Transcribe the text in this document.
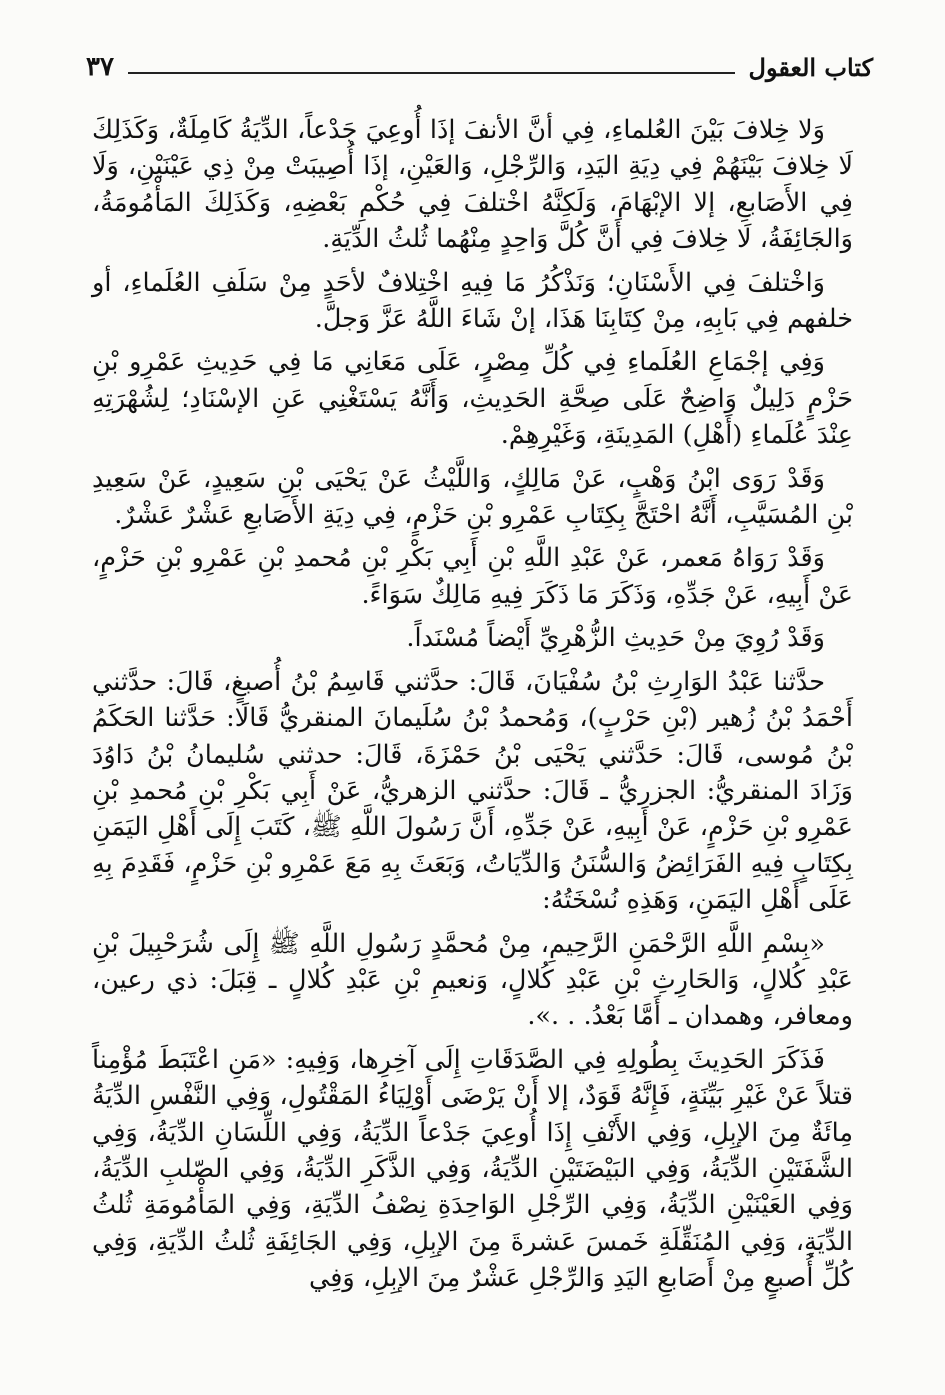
كتاب العقول
٣٧

وَلا خِلافَ بَيْنَ العُلماءِ، فِي أنَّ الأنفَ إذَا أُوعِيَ جَدْعاً، الدِّيَةُ كَامِلَةٌ، وَكَذَلِكَ لَا خِلافَ بَيْنَهُمْ فِي دِيَةِ اليَدِ، وَالرِّجْلِ، وَالعَيْنِ، إذَا أُصِيبَتْ مِنْ ذِي عَيْنَيْنِ، وَلَا فِي الأَصَابعِ، إلا الإبْهَامَ، وَلَكِنَّهُ اخْتلفَ فِي حُكْمِ بَعْضِهِ، وَكَذَلِكَ المَأْمُومَةُ، وَالجَائِفَةُ، لَا خِلافَ فِي أَنَّ كُلَّ وَاحِدٍ مِنْهُما ثُلثُ الدِّيَةِ.

وَاخْتلفَ فِي الأَسْنَانِ؛ وَنَذْكُرُ مَا فِيهِ اخْتِلافٌ لأحَدٍ مِنْ سَلَفِ العُلَماءِ، أو خلفهم فِي بَابِهِ، مِنْ كِتَابِنَا هَذَا، إنْ شَاءَ اللَّهُ عَزَّ وَجلَّ.

وَفِي إجْمَاعِ العُلَماءِ فِي كُلِّ مِصْرٍ، عَلَى مَعَانِي مَا فِي حَدِيثِ عَمْرِو بْنِ حَزْمٍ دَلِيلٌ وَاضِحٌ عَلَى صِحَّةِ الحَدِيثِ، وَأَنَّهُ يَسْتَغْنِي عَنِ الإسْنَادِ؛ لِشُهْرَتِهِ عِنْدَ عُلَماءِ (أَهْلِ) المَدِينَةِ، وَغَيْرِهِمْ.

وَقَدْ رَوَى ابْنُ وَهْبٍ، عَنْ مَالِكٍ، وَاللَّيْثُ عَنْ يَحْيَى بْنِ سَعِيدٍ، عَنْ سَعِيدِ بْنِ المُسَيَّبِ، أَنَّهُ احْتَجَّ بِكِتَابِ عَمْرِو بْنِ حَزْمٍ، فِي دِيَةِ الأَصَابعِ عَشْرٌ عَشْرٌ.

وَقَدْ رَوَاهُ مَعمر، عَنْ عَبْدِ اللَّهِ بْنِ أَبِي بَكْرِ بْنِ مُحمدِ بْنِ عَمْرِو بْنِ حَزْمٍ، عَنْ أَبِيهِ، عَنْ جَدِّهِ، وَذَكَرَ مَا ذَكَرَ فِيهِ مَالِكٌ سَوَاءً.

وَقَدْ رُوِيَ مِنْ حَدِيثِ الزُّهْرِيِّ أَيْضاً مُسْنَداً.

حدَّثنا عَبْدُ الوَارِثِ بْنُ سُفْيَانَ، قَالَ: حدَّثني قَاسِمُ بْنُ أُصبغٍ، قَالَ: حدَّثني أَحْمَدُ بْنُ زُهير (بْنِ حَرْبٍ)، وَمُحمدُ بْنُ سُلَيمانَ المنقريُّ قَالَا: حَدَّثنا الحَكَمُ بْنُ مُوسى، قَالَ: حَدَّثني يَحْيَى بْنُ حَمْزَةَ، قَالَ: حدثني سُليمانُ بْنُ دَاوُدَ وَزَادَ المنقريُّ: الجزريُّ ـ قَالَ: حدَّثني الزهريُّ، عَنْ أَبِي بَكْرِ بْنِ مُحمدِ بْنِ عَمْرِو بْنِ حَزْمٍ، عَنْ أَبِيهِ، عَنْ جَدِّهِ، أَنَّ رَسُولَ اللَّهِ ﷺ، كَتَبَ إِلَى أَهْلِ اليَمَنِ بِكِتَابٍ فِيهِ الفَرَائِضُ وَالسُّنَنُ وَالدِّيَاتُ، وَبَعَثَ بِهِ مَعَ عَمْرِو بْنِ حَزْمٍ، فَقَدِمَ بِهِ عَلَى أَهْلِ اليَمَنِ، وَهَذِهِ نُسْخَتُهُ:

«بِسْمِ اللَّهِ الرَّحْمَنِ الرَّحِيمِ، مِنْ مُحمَّدٍ رَسُولِ اللَّهِ ﷺ إِلَى شُرَحْبِيلَ بْنِ عَبْدِ كُلالٍ، وَالحَارِثِ بْنِ عَبْدِ كُلالٍ، وَنعيمِ بْنِ عَبْدِ كُلالٍ ـ قِبَلَ: ذي رعين، ومعافر، وهمدان ـ أَمَّا بَعْدُ. . .».

فَذَكَرَ الحَدِيثَ بِطُولِهِ فِي الصَّدَقَاتِ إِلَى آخِرِها، وَفِيهِ: «مَنِ اعْتَبَطَ مُؤْمِناً قتلاً عَنْ غَيْرِ بَيِّنَةٍ، فَإِنَّهُ قَوَدٌ، إلا أَنْ يَرْضَى أَوْلِيَاءُ المَقْتُولِ، وَفِي النَّفْسِ الدِّيَةُ مِائَةٌ مِنَ الإبِلِ، وَفِي الأَنْفِ إِذَا أُوعِيَ جَدْعاً الدِّيَةُ، وَفِي اللِّسَانِ الدِّيَةُ، وَفِي الشَّفَتَيْنِ الدِّيَةُ، وَفِي البَيْضَتَيْنِ الدِّيَةُ، وَفِي الذَّكَرِ الدِّيَةُ، وَفِي الصّلبِ الدِّيَةُ، وَفِي العَيْنَيْنِ الدِّيَةُ، وَفِي الرِّجْلِ الوَاحِدَةِ نِصْفُ الدِّيَةِ، وَفِي المَأْمُومَةِ ثُلثُ الدِّيَةِ، وَفِي المُنَقِّلَةِ خَمسَ عَشرةَ مِنَ الإبِلِ، وَفِي الجَائِفَةِ ثُلثُ الدِّيَةِ، وَفِي كُلِّ أُصبعٍ مِنْ أَصَابعِ اليَدِ وَالرِّجْلِ عَشْرٌ مِنَ الإبِلِ، وَفِي
